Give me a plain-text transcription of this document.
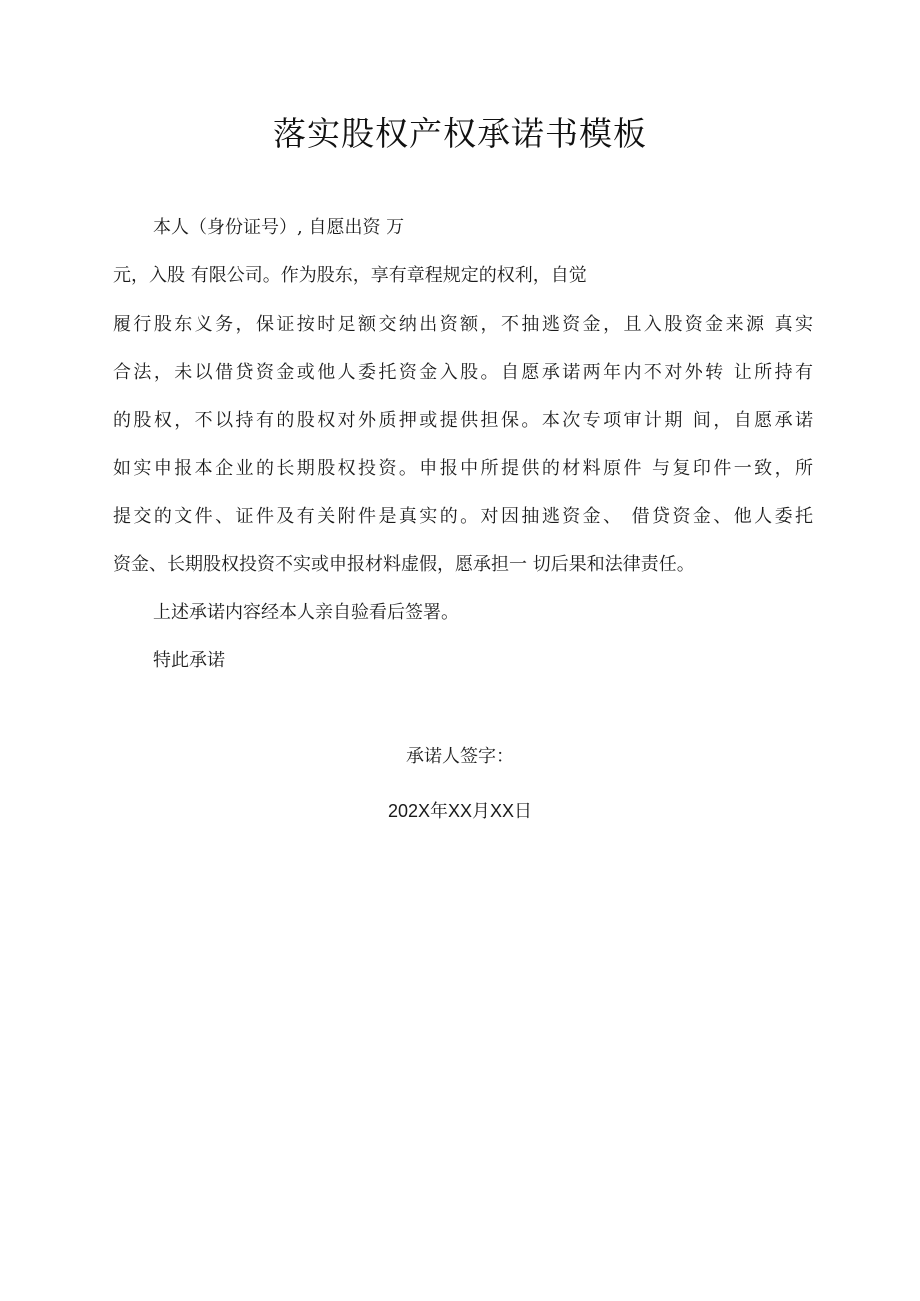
落实股权产权承诺书模板
本人（身份证号）, 自愿出资 万
元，入股 有限公司。作为股东，享有章程规定的权利，自觉
履行股东义务，保证按时足额交纳出资额，不抽逃资金，且入股资金来源 真实
合法，未以借贷资金或他人委托资金入股。自愿承诺两年内不对外转 让所持有
的股权，不以持有的股权对外质押或提供担保。本次专项审计期 间，自愿承诺
如实申报本企业的长期股权投资。申报中所提供的材料原件 与复印件一致，所
提交的文件、证件及有关附件是真实的。对因抽逃资金、 借贷资金、他人委托
资金、长期股权投资不实或申报材料虚假，愿承担一 切后果和法律责任。
上述承诺内容经本人亲自验看后签署。
特此承诺
承诺人签字：
202X年XX月XX日
